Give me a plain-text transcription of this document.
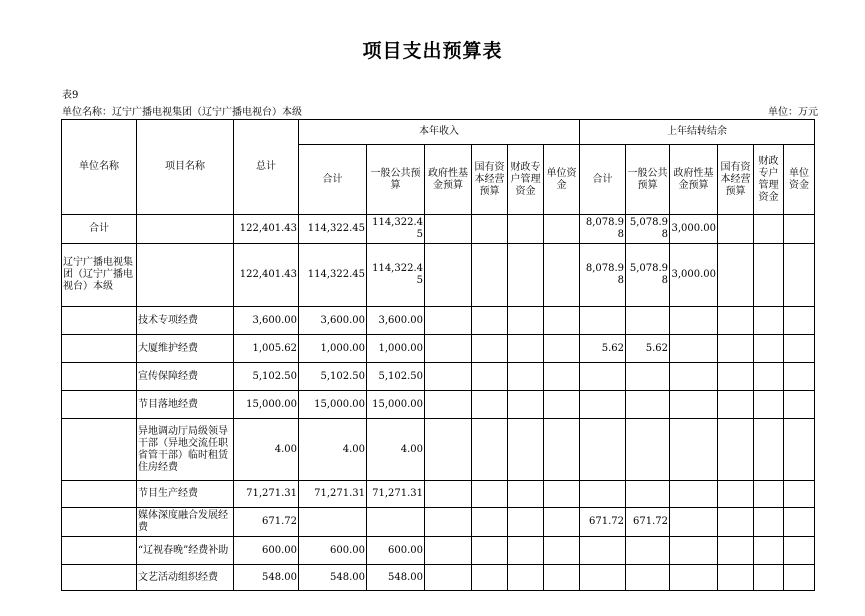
项目支出预算表
表9
单位名称：辽宁广播电视集团（辽宁广播电视台）本级	单位：万元
单位名称	项目名称	总计	本年收入						上年结转结余					
			合计	一般公共预算	政府性基金预算	国有资本经营预算	财政专户管理资金	单位资金	合计	一般公共预算	政府性基金预算	国有资本经营预算	财政专户管理资金	单位资金
合计		122,401.43	114,322.45	114,322.45					8,078.98	5,078.98	3,000.00			
辽宁广播电视集团（辽宁广播电视台）本级		122,401.43	114,322.45	114,322.45					8,078.98	5,078.98	3,000.00			
	技术专项经费	3,600.00	3,600.00	3,600.00										
	大厦维护经费	1,005.62	1,000.00	1,000.00					5.62	5.62				
	宣传保障经费	5,102.50	5,102.50	5,102.50										
	节目落地经费	15,000.00	15,000.00	15,000.00										
	异地调动厅局级领导干部（异地交流任职省管干部）临时租赁住房经费	4.00	4.00	4.00										
	节目生产经费	71,271.31	71,271.31	71,271.31										
	媒体深度融合发展经费	671.72							671.72	671.72				
	“辽视春晚”经费补助	600.00	600.00	600.00										
	文艺活动组织经费	548.00	548.00	548.00										
